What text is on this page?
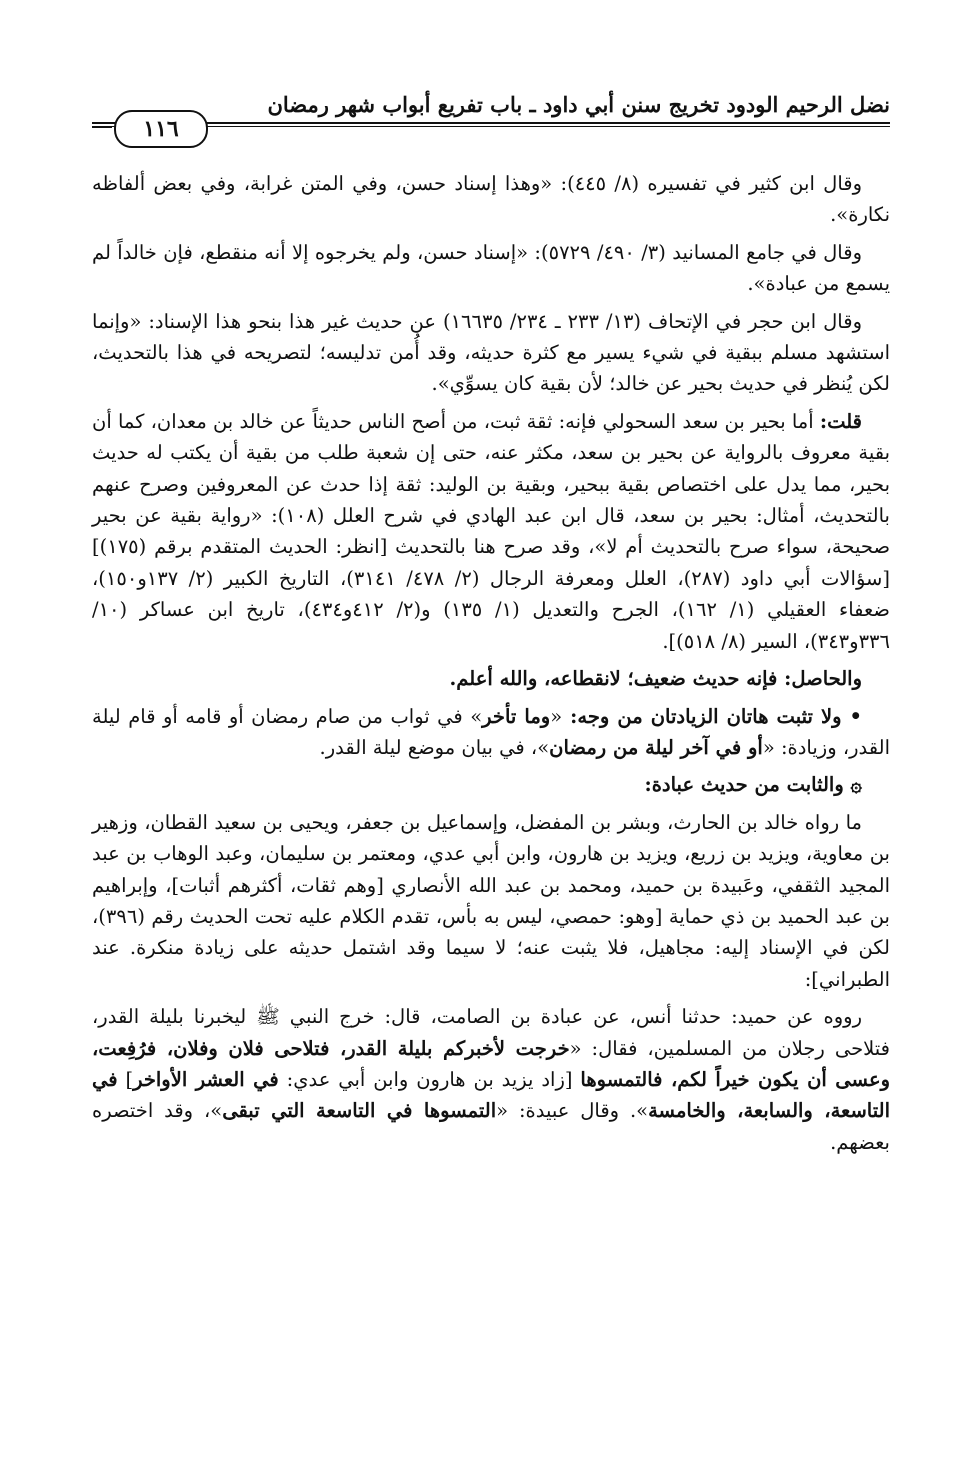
نضل الرحيم الودود تخريج سنن أبي داود ـ باب تفريع أبواب شهر رمضان
١١٦

وقال ابن كثير في تفسيره (٨/ ٤٤٥): «وهذا إسناد حسن، وفي المتن غرابة، وفي بعض ألفاظه نكارة».

وقال في جامع المسانيد (٣/ ٤٩٠/ ٥٧٢٩): «إسناد حسن، ولم يخرجوه إلا أنه منقطع، فإن خالداً لم يسمع من عبادة».

وقال ابن حجر في الإتحاف (١٣/ ٢٣٣ ـ ٢٣٤/ ١٦٦٣٥) عن حديث غير هذا بنحو هذا الإسناد: «وإنما استشهد مسلم ببقية في شيء يسير مع كثرة حديثه، وقد أُمن تدليسه؛ لتصريحه في هذا بالتحديث، لكن يُنظر في حديث بحير عن خالد؛ لأن بقية كان يسوِّي».

قلت: أما بحير بن سعد السحولي فإنه: ثقة ثبت، من أصح الناس حديثاً عن خالد بن معدان، كما أن بقية معروف بالرواية عن بحير بن سعد، مكثر عنه، حتى إن شعبة طلب من بقية أن يكتب له حديث بحير، مما يدل على اختصاص بقية ببحير، وبقية بن الوليد: ثقة إذا حدث عن المعروفين وصرح عنهم بالتحديث، أمثال: بحير بن سعد، قال ابن عبد الهادي في شرح العلل (١٠٨): «رواية بقية عن بحير صحيحة، سواء صرح بالتحديث أم لا»، وقد صرح هنا بالتحديث [انظر: الحديث المتقدم برقم (١٧٥)] [سؤالات أبي داود (٢٨٧)، العلل ومعرفة الرجال (٢/ ٤٧٨/ ٣١٤١)، التاريخ الكبير (٢/ ١٣٧و١٥٠)، ضعفاء العقيلي (١/ ١٦٢)، الجرح والتعديل (١/ ١٣٥) و(٢/ ٤١٢و٤٣٤)، تاريخ ابن عساكر (١٠/ ٣٣٦و٣٤٣)، السير (٨/ ٥١٨)].

والحاصل: فإنه حديث ضعيف؛ لانقطاعه، والله أعلم.

• ولا تثبت هاتان الزيادتان من وجه: «وما تأخر» في ثواب من صام رمضان أو قامه أو قام ليلة القدر، وزيادة: «أو في آخر ليلة من رمضان»، في بيان موضع ليلة القدر.

۞ والثابت من حديث عبادة:

ما رواه خالد بن الحارث، وبشر بن المفضل، وإسماعيل بن جعفر، ويحيى بن سعيد القطان، وزهير بن معاوية، ويزيد بن زريع، ويزيد بن هارون، وابن أبي عدي، ومعتمر بن سليمان، وعبد الوهاب بن عبد المجيد الثقفي، وعَبيدة بن حميد، ومحمد بن عبد الله الأنصاري [وهم ثقات، أكثرهم أثبات]، وإبراهيم بن عبد الحميد بن ذي حماية [وهو: حمصي، ليس به بأس، تقدم الكلام عليه تحت الحديث رقم (٣٩٦)، لكن في الإسناد إليه: مجاهيل، فلا يثبت عنه؛ لا سيما وقد اشتمل حديثه على زيادة منكرة. عند الطبراني]:

رووه عن حميد: حدثنا أنس، عن عبادة بن الصامت، قال: خرج النبي ﷺ ليخبرنا بليلة القدر، فتلاحى رجلان من المسلمين، فقال: «خرجت لأخبركم بليلة القدر، فتلاحى فلان وفلان، فرُفِعت، وعسى أن يكون خيراً لكم، فالتمسوها [زاد يزيد بن هارون وابن أبي عدي: في العشر الأواخر] في التاسعة، والسابعة، والخامسة». وقال عبيدة: «التمسوها في التاسعة التي تبقى»، وقد اختصره بعضهم.
